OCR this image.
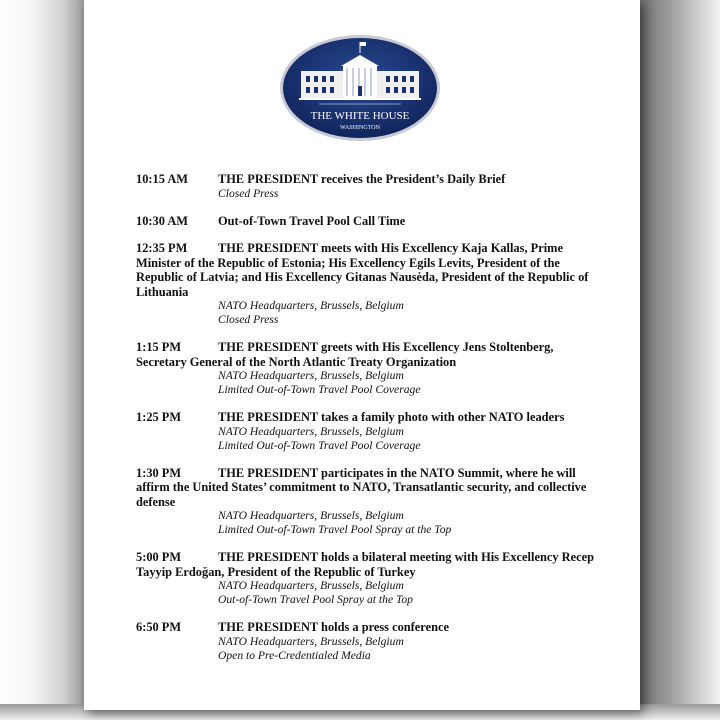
THE WHITE HOUSE
WASHINGTON
10:15 AM THE PRESIDENT receives the President’s Daily Brief
Closed Press
10:30 AM Out-of-Town Travel Pool Call Time
12:35 PM THE PRESIDENT meets with His Excellency Kaja Kallas, Prime Minister of the Republic of Estonia; His Excellency Egils Levits, President of the Republic of Latvia; and His Excellency Gitanas Nausėda, President of the Republic of Lithuania
NATO Headquarters, Brussels, Belgium
Closed Press
1:15 PM	THE PRESIDENT greets with His Excellency Jens Stoltenberg, Secretary General of the North Atlantic Treaty Organization
NATO Headquarters, Brussels, Belgium
Limited Out-of-Town Travel Pool Coverage
1:25 PM	THE PRESIDENT takes a family photo with other NATO leaders
NATO Headquarters, Brussels, Belgium
Limited Out-of-Town Travel Pool Coverage
1:30 PM	THE PRESIDENT participates in the NATO Summit, where he will affirm the United States’ commitment to NATO, Transatlantic security, and collective defense
NATO Headquarters, Brussels, Belgium
Limited Out-of-Town Travel Pool Spray at the Top
5:00 PM	THE PRESIDENT holds a bilateral meeting with His Excellency Recep Tayyip Erdoğan, President of the Republic of Turkey
NATO Headquarters, Brussels, Belgium
Out-of-Town Travel Pool Spray at the Top
6:50 PM	THE PRESIDENT holds a press conference
NATO Headquarters, Brussels, Belgium
Open to Pre-Credentialed Media
